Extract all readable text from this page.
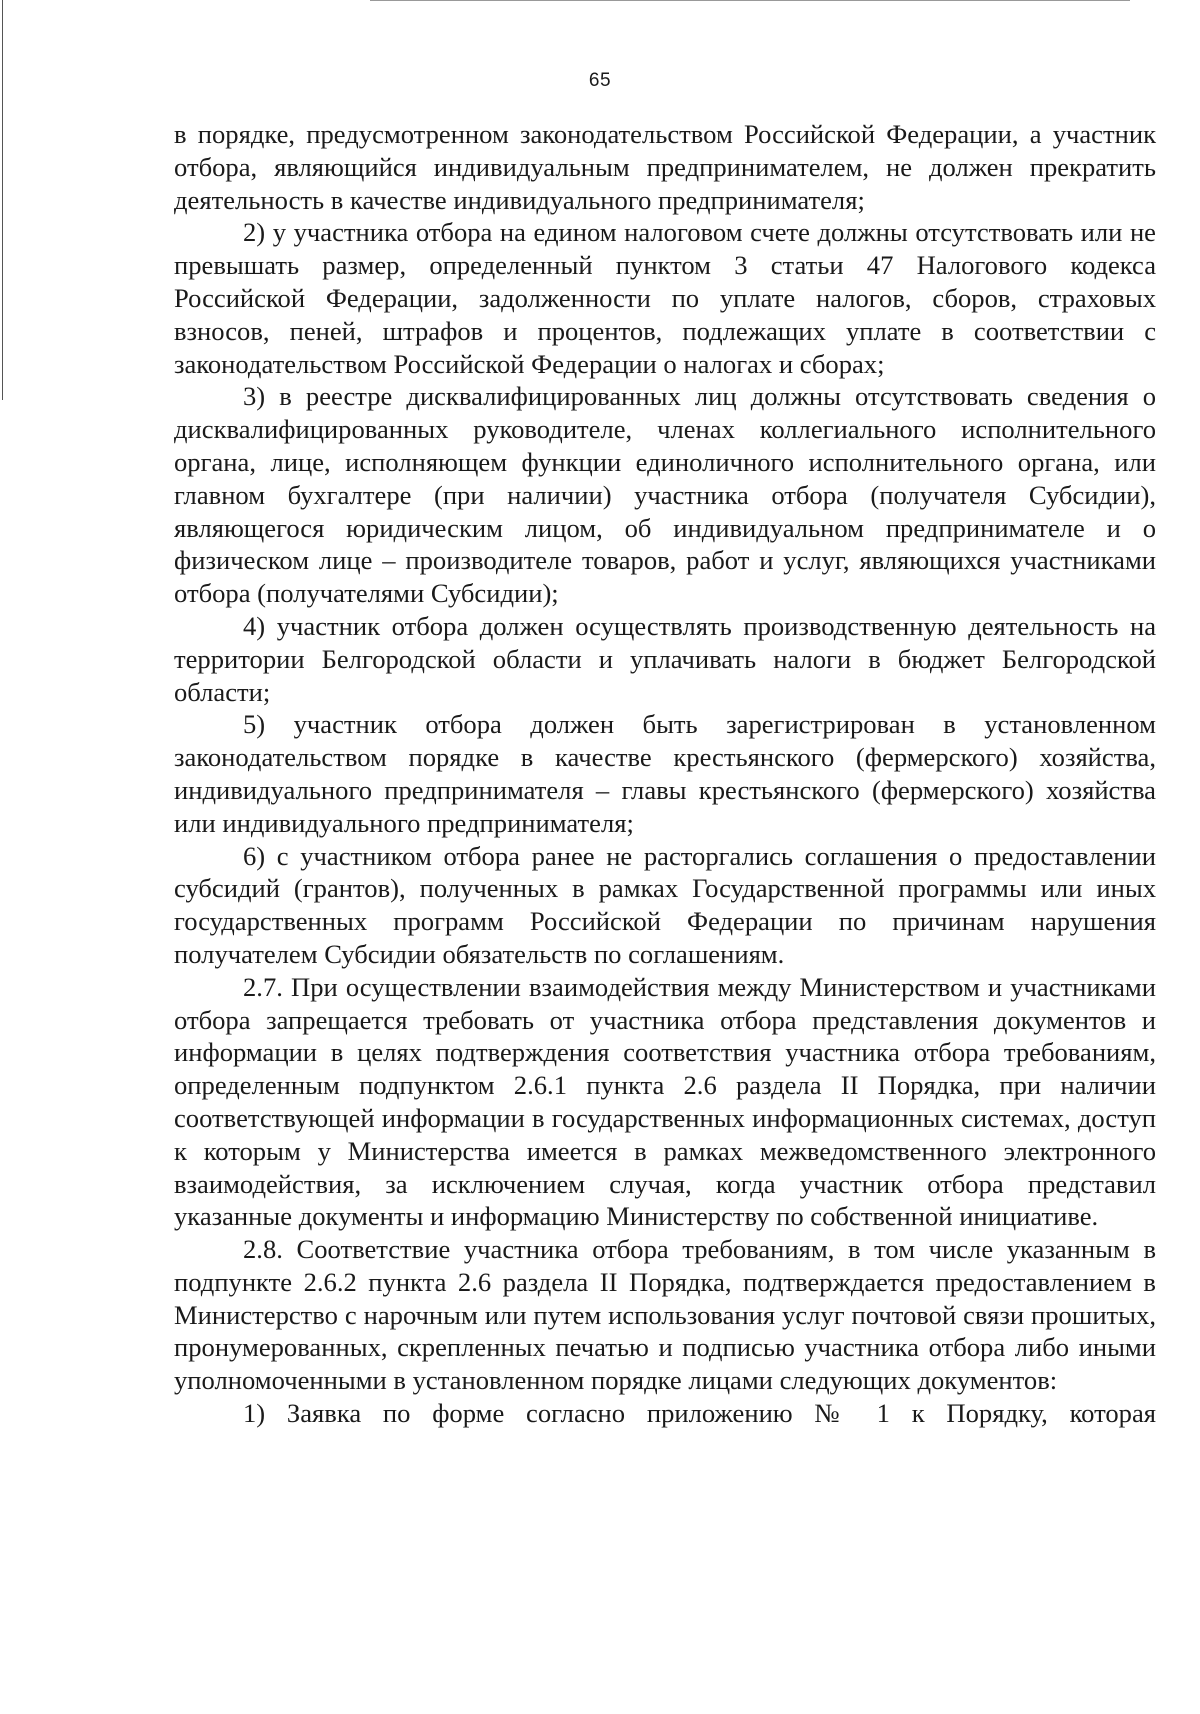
65

в порядке, предусмотренном законодательством Российской Федерации, а участник отбора, являющийся индивидуальным предпринимателем, не должен прекратить деятельность в качестве индивидуального предпринимателя;

2) у участника отбора на едином налоговом счете должны отсутствовать или не превышать размер, определенный пунктом 3 статьи 47 Налогового кодекса Российской Федерации, задолженности по уплате налогов, сборов, страховых взносов, пеней, штрафов и процентов, подлежащих уплате в соответствии с законодательством Российской Федерации о налогах и сборах;

3) в реестре дисквалифицированных лиц должны отсутствовать сведения о дисквалифицированных руководителе, членах коллегиального исполнительного органа, лице, исполняющем функции единоличного исполнительного органа, или главном бухгалтере (при наличии) участника отбора (получателя Субсидии), являющегося юридическим лицом, об индивидуальном предпринимателе и о физическом лице – производителе товаров, работ и услуг, являющихся участниками отбора (получателями Субсидии);

4) участник отбора должен осуществлять производственную деятельность на территории Белгородской области и уплачивать налоги в бюджет Белгородской области;

5) участник отбора должен быть зарегистрирован в установленном законодательством порядке в качестве крестьянского (фермерского) хозяйства, индивидуального предпринимателя – главы крестьянского (фермерского) хозяйства или индивидуального предпринимателя;

6) с участником отбора ранее не расторгались соглашения о предоставлении субсидий (грантов), полученных в рамках Государственной программы или иных государственных программ Российской Федерации по причинам нарушения получателем Субсидии обязательств по соглашениям.

2.7. При осуществлении взаимодействия между Министерством и участниками отбора запрещается требовать от участника отбора представления документов и информации в целях подтверждения соответствия участника отбора требованиям, определенным подпунктом 2.6.1 пункта 2.6 раздела II Порядка, при наличии соответствующей информации в государственных информационных системах, доступ к которым у Министерства имеется в рамках межведомственного электронного взаимодействия, за исключением случая, когда участник отбора представил указанные документы и информацию Министерству по собственной инициативе.

2.8. Соответствие участника отбора требованиям, в том числе указанным в подпункте 2.6.2 пункта 2.6 раздела II Порядка, подтверждается предоставлением в Министерство с нарочным или путем использования услуг почтовой связи прошитых, пронумерованных, скрепленных печатью и подписью участника отбора либо иными уполномоченными в установленном порядке лицами следующих документов:

1) Заявка по форме согласно приложению № 1 к Порядку, которая
